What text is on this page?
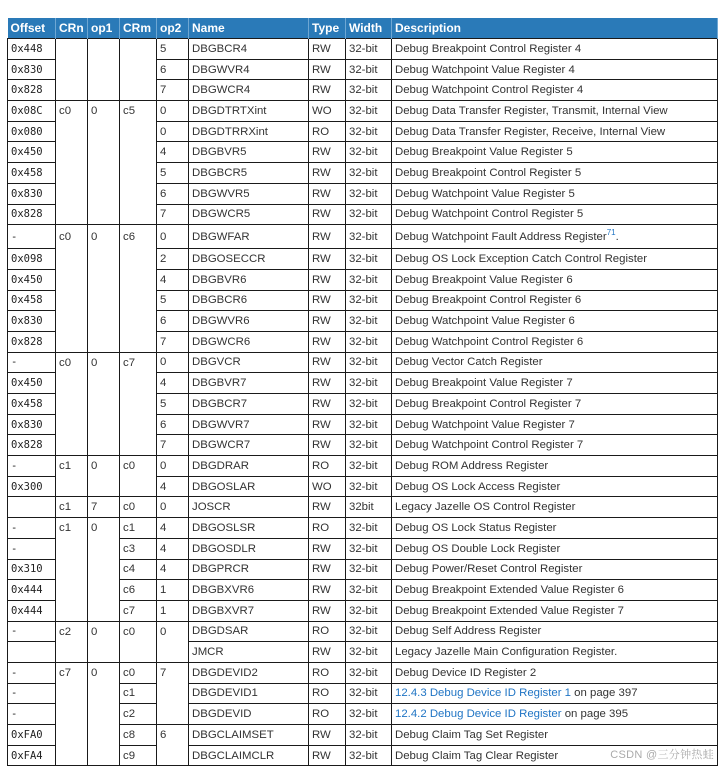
Offset	CRn	op1	CRm	op2	Name	Type	Width	Description
0x448				5	DBGBCR4	RW	32-bit	Debug Breakpoint Control Register 4
0x830				6	DBGWVR4	RW	32-bit	Debug Watchpoint Value Register 4
0x828				7	DBGWCR4	RW	32-bit	Debug Watchpoint Control Register 4
0x08C	c0	0	c5	0	DBGDTRTXint	WO	32-bit	Debug Data Transfer Register, Transmit, Internal View
0x080				0	DBGDTRRXint	RO	32-bit	Debug Data Transfer Register, Receive, Internal View
0x450				4	DBGBVR5	RW	32-bit	Debug Breakpoint Value Register 5
0x458				5	DBGBCR5	RW	32-bit	Debug Breakpoint Control Register 5
0x830				6	DBGWVR5	RW	32-bit	Debug Watchpoint Value Register 5
0x828				7	DBGWCR5	RW	32-bit	Debug Watchpoint Control Register 5
-	c0	0	c6	0	DBGWFAR	RW	32-bit	Debug Watchpoint Fault Address Register$^{71}$.
0x098				2	DBGOSECCR	RW	32-bit	Debug OS Lock Exception Catch Control Register
0x450				4	DBGBVR6	RW	32-bit	Debug Breakpoint Value Register 6
0x458				5	DBGBCR6	RW	32-bit	Debug Breakpoint Control Register 6
0x830				6	DBGWVR6	RW	32-bit	Debug Watchpoint Value Register 6
0x828				7	DBGWCR6	RW	32-bit	Debug Watchpoint Control Register 6
-	c0	0	c7	0	DBGVCR	RW	32-bit	Debug Vector Catch Register
0x450				4	DBGBVR7	RW	32-bit	Debug Breakpoint Value Register 7
0x458				5	DBGBCR7	RW	32-bit	Debug Breakpoint Control Register 7
0x830				6	DBGWVR7	RW	32-bit	Debug Watchpoint Value Register 7
0x828				7	DBGWCR7	RW	32-bit	Debug Watchpoint Control Register 7
-	c1	0	c0	0	DBGDRAR	RO	32-bit	Debug ROM Address Register
0x300				4	DBGOSLAR	WO	32-bit	Debug OS Lock Access Register
	c1	7	c0	0	JOSCR	RW	32bit	Legacy Jazelle OS Control Register
-	c1	0	c1	4	DBGOSLSR	RO	32-bit	Debug OS Lock Status Register
-			c3	4	DBGOSDLR	RW	32-bit	Debug OS Double Lock Register
0x310			c4	4	DBGPRCR	RW	32-bit	Debug Power/Reset Control Register
0x444			c6	1	DBGBXVR6	RW	32-bit	Debug Breakpoint Extended Value Register 6
0x444			c7	1	DBGBXVR7	RW	32-bit	Debug Breakpoint Extended Value Register 7
-	c2	0	c0	0	DBGDSAR	RO	32-bit	Debug Self Address Register
					JMCR	RW	32-bit	Legacy Jazelle Main Configuration Register.
-	c7	0	c0	7	DBGDEVID2	RO	32-bit	Debug Device ID Register 2
-			c1		DBGDEVID1	RO	32-bit	12.4.3 Debug Device ID Register 1 on page 397
-			c2		DBGDEVID	RO	32-bit	12.4.2 Debug Device ID Register on page 395
0xFA0			c8	6	DBGCLAIMSET	RW	32-bit	Debug Claim Tag Set Register
0xFA4			c9		DBGCLAIMCLR	RW	32-bit	Debug Claim Tag Clear Register	CSDN @三分钟热蛙
